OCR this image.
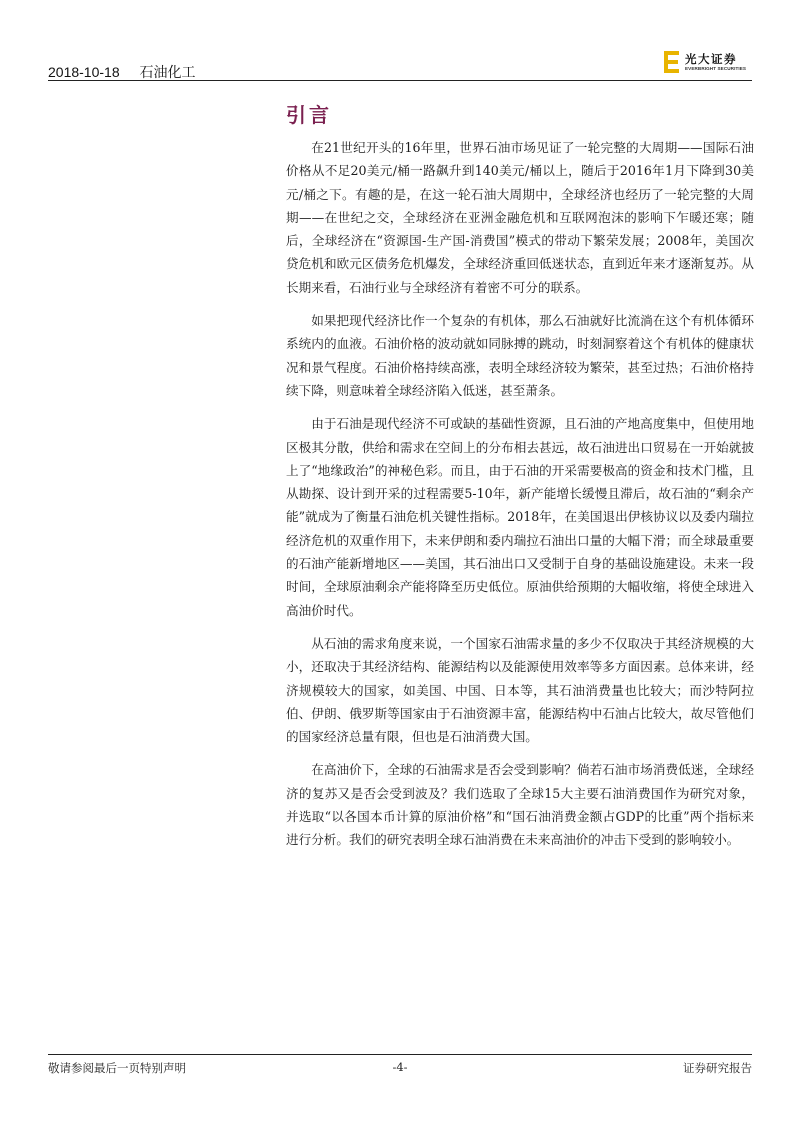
2018-10-18 石油化工
光大证券
EVERBRIGHT SECURITIES
引言

在21世纪开头的16年里，世界石油市场见证了一轮完整的大周期——国际石油价格从不足20美元/桶一路飙升到140美元/桶以上，随后于2016年1月下降到30美元/桶之下。有趣的是，在这一轮石油大周期中，全球经济也经历了一轮完整的大周期——在世纪之交，全球经济在亚洲金融危机和互联网泡沫的影响下乍暖还寒；随后，全球经济在“资源国-生产国-消费国”模式的带动下繁荣发展；2008年，美国次贷危机和欧元区债务危机爆发，全球经济重回低迷状态，直到近年来才逐渐复苏。从长期来看，石油行业与全球经济有着密不可分的联系。

如果把现代经济比作一个复杂的有机体，那么石油就好比流淌在这个有机体循环系统内的血液。石油价格的波动就如同脉搏的跳动，时刻洞察着这个有机体的健康状况和景气程度。石油价格持续高涨，表明全球经济较为繁荣，甚至过热；石油价格持续下降，则意味着全球经济陷入低迷，甚至萧条。

由于石油是现代经济不可或缺的基础性资源，且石油的产地高度集中，但使用地区极其分散，供给和需求在空间上的分布相去甚远，故石油进出口贸易在一开始就披上了“地缘政治”的神秘色彩。而且，由于石油的开采需要极高的资金和技术门槛，且从勘探、设计到开采的过程需要5-10年，新产能增长缓慢且滞后，故石油的“剩余产能”就成为了衡量石油危机关键性指标。2018年，在美国退出伊核协议以及委内瑞拉经济危机的双重作用下，未来伊朗和委内瑞拉石油出口量的大幅下滑；而全球最重要的石油产能新增地区——美国，其石油出口又受制于自身的基础设施建设。未来一段时间，全球原油剩余产能将降至历史低位。原油供给预期的大幅收缩，将使全球进入高油价时代。

从石油的需求角度来说，一个国家石油需求量的多少不仅取决于其经济规模的大小，还取决于其经济结构、能源结构以及能源使用效率等多方面因素。总体来讲，经济规模较大的国家，如美国、中国、日本等，其石油消费量也比较大；而沙特阿拉伯、伊朗、俄罗斯等国家由于石油资源丰富，能源结构中石油占比较大，故尽管他们的国家经济总量有限，但也是石油消费大国。

在高油价下，全球的石油需求是否会受到影响？倘若石油市场消费低迷，全球经济的复苏又是否会受到波及？我们选取了全球15大主要石油消费国作为研究对象，并选取“以各国本币计算的原油价格”和“国石油消费金额占GDP的比重”两个指标来进行分析。我们的研究表明全球石油消费在未来高油价的冲击下受到的影响较小。

敬请参阅最后一页特别声明	-4-	证券研究报告
